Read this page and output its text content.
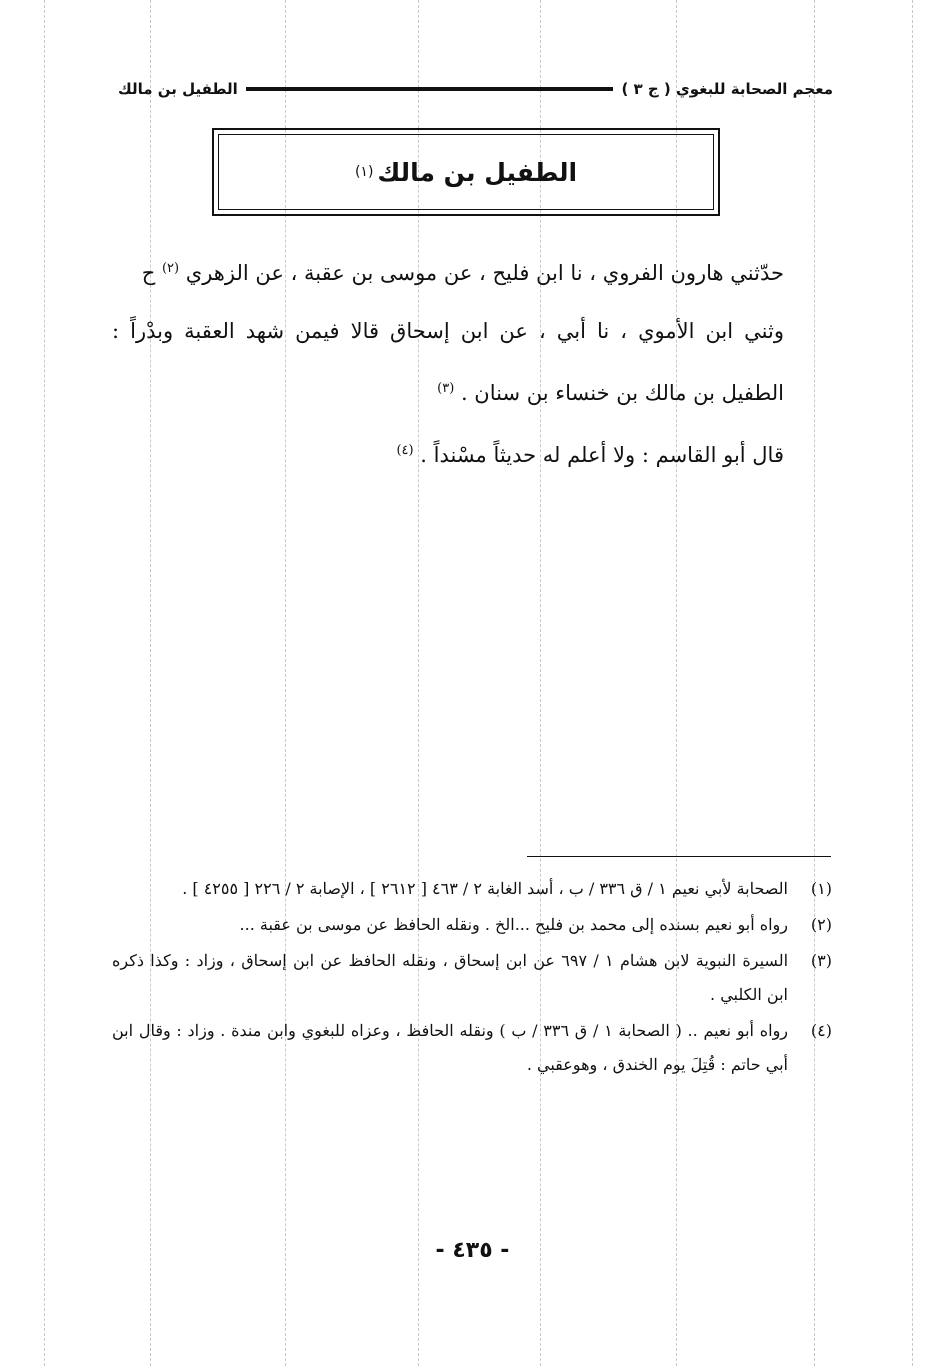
معجم الصحابة للبغوي ( ج ٣ )
الطفيل بن مالك
الطفيل بن مالك
(١)

حدّثني هارون الفروي ، نا ابن فليح ، عن موسى بن عقبة ، عن الزهري $^{(٢)}$ ح

وثني ابن الأموي ، نا أبي ، عن ابن إسحاق قالا فيمن شهد العقبة وبدْراً : الطفيل بن مالك بن خنساء بن سنان . $^{(٣)}$

قال أبو القاسم : ولا أعلم له حديثاً مسْنداً . $^{(٤)}$

(١)
الصحابة لأبي نعيم ١ / ق ٣٣٦ / ب ، أسد الغابة ٢ / ٤٦٣ [ ٢٦١٢ ] ، الإصابة ٢ / ٢٢٦ [ ٤٢٥٥ ] .
(٢)
رواه أبو نعيم بسنده إلى محمد بن فليح ...الخ . ونقله الحافظ عن موسى بن عقبة ...
(٣)
السيرة النبوية لابن هشام ١ / ٦٩٧ عن ابن إسحاق ، ونقله الحافظ عن ابن إسحاق ، وزاد : وكذا ذكره ابن الكلبي .
(٤)
رواه أبو نعيم .. ( الصحابة ١ / ق ٣٣٦ / ب ) ونقله الحافظ ، وعزاه للبغوي وابن مندة . وزاد : وقال ابن أبي حاتم : قُتِلَ يوم الخندق ، وهوعقبي .
- ٤٣٥ -
